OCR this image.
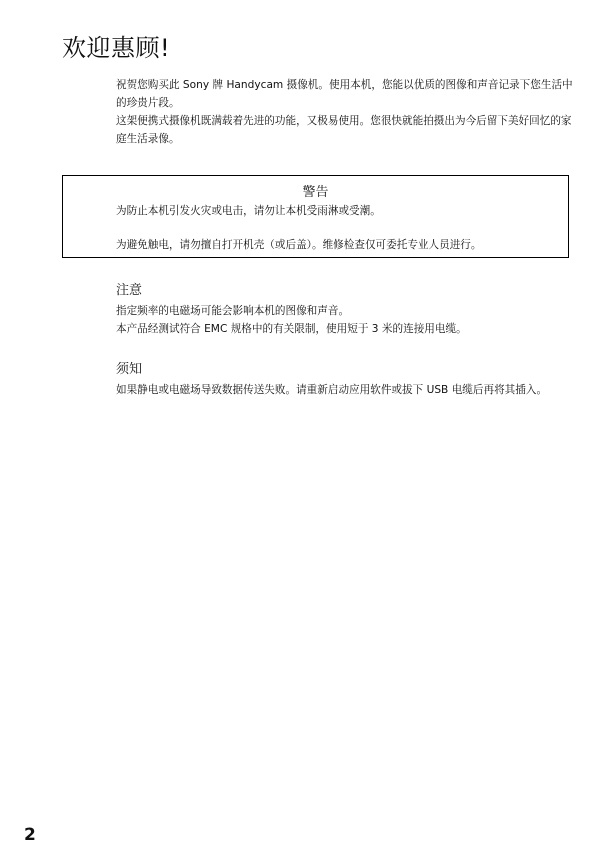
欢迎惠顾!

祝贺您购买此 Sony 牌 Handycam 摄像机。使用本机，您能以优质的图像和声音记录下您生活中的珍贵片段。

这架便携式摄像机既满载着先进的功能，又极易使用。您很快就能拍摄出为今后留下美好回忆的家庭生活录像。

警告
为防止本机引发火灾或电击，请勿让本机受雨淋或受潮。
为避免触电，请勿擅自打开机壳（或后盖）。维修检查仅可委托专业人员进行。
注意

指定频率的电磁场可能会影响本机的图像和声音。

本产品经测试符合 EMC 规格中的有关限制，使用短于 3 米的连接用电缆。

须知

如果静电或电磁场导致数据传送失败。请重新启动应用软件或拔下 USB 电缆后再将其插入。

2
